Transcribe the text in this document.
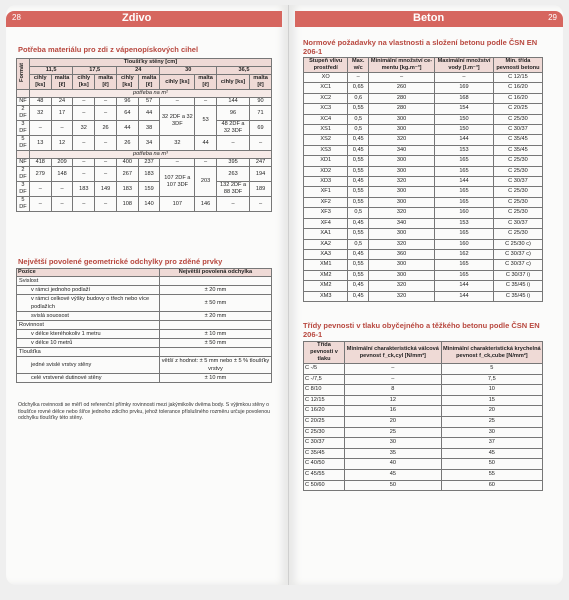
28	Zdivo
Potřeba materiálu pro zdi z vápenopískových cihel
Formát	Tloušťky stěny [cm]									
	11,5		17,5		24		30		36,5	
	cihly [ks]	malta [ℓ]	cihly [ks]	malta [ℓ]	cihly [ks]	malta [ℓ]	cihly [ks]	malta [ℓ]	cihly [ks]	malta [ℓ]
	potřeba na m²									
NF	48	24	–	–	96	57	–	–	144	90
2 DF	32	17	–	–	64	44	32 2DF a 32 3DF	53	96	71
3 DF	–	–	32	26	44	38			48 2DF a 32 3DF	69
5 DF	13	12	–	–	26	34	32	44	–	–
	potřeba na m³									
NF	418	209	–	–	400	237	–	–	395	247
2 DF	279	148	–	–	267	183	107 2DF a 107 3DF	203	263	194
3 DF	–	–	183	149	183	159			132 2DF a 88 3DF	189
5 DF	–	–	–	–	108	140	107	146	–	–
Největší povolené geometrické odchylky pro zděné prvky
Pozice	Největší povolená odchylka
Svislost	
v rámci jednoho podlaží	± 20 mm
v rámci celkové výšky budovy o třech nebo více podlažích	± 50 mm
svislá souosost	± 20 mm
Rovinnost	
v délce kteréhokoliv 1 metru	± 10 mm
v délce 10 metrů	± 50 mm
Tloušťka	
jedné svislé vrstvy stěny	větší z hodnot: ± 5 mm nebo ± 5 % tloušťky vrstvy
celé vrstvené dutinové stěny	± 10 mm
Odchylka rovinnosti se měří od referenční přímky rovinnosti mezi jakýmikoliv dvěma body. S výjimkou stěny o tloušťce rovné délce nebo šířce jednoho zdicího prvku, jehož tolerance příslušného rozměru určuje povolenou odchylku tloušťky této stěny.
Beton	29
Normové požadavky na vlastnosti a složení betonu podle ČSN EN 206-1
Stupeň vlivu prostředí	Max. w/c	Minimální množství ce-mentu [kg.m⁻³]	Maximální množství vody [l.m⁻³]	Min. třída pevnosti betonu
XO	–	–	–	C 12/15
XC1	0,65	260	169	C 16/20
XC2	0,6	280	168	C 16/20
XC3	0,55	280	154	C 20/25
XC4	0,5	300	150	C 25/30
XS1	0,5	300	150	C 30/37
XS2	0,45	320	144	C 35/45
XS3	0,45	340	153	C 35/45
XD1	0,55	300	165	C 25/30
XD2	0,55	300	165	C 25/30
XD3	0,45	320	144	C 30/37
XF1	0,55	300	165	C 25/30
XF2	0,55	300	165	C 25/30
XF3	0,5	320	160	C 25/30
XF4	0,45	340	153	C 30/37
XA1	0,55	300	165	C 25/30
XA2	0,5	320	160	C 25/30 c)
XA3	0,45	360	162	C 30/37 c)
XM1	0,55	300	165	C 30/37 c)
XM2	0,55	300	165	C 30/37 i)
XM2	0,45	320	144	C 35/45 i)
XM3	0,45	320	144	C 35/45 i)
Třídy pevnosti v tlaku obyčejného a těžkého betonu podle ČSN EN 206-1
Třída pevnosti v tlaku	Minimální charakteristická válcová pevnost f_ck,cyl [N/mm²]	Minimální charakteristická krychelná pevnost f_ck,cube [N/mm²]
C -/5	–	5
C -/7,5	–	7,5
C 8/10	8	10
C 12/15	12	15
C 16/20	16	20
C 20/25	20	25
C 25/30	25	30
C 30/37	30	37
C 35/45	35	45
C 40/50	40	50
C 45/55	45	55
C 50/60	50	60
